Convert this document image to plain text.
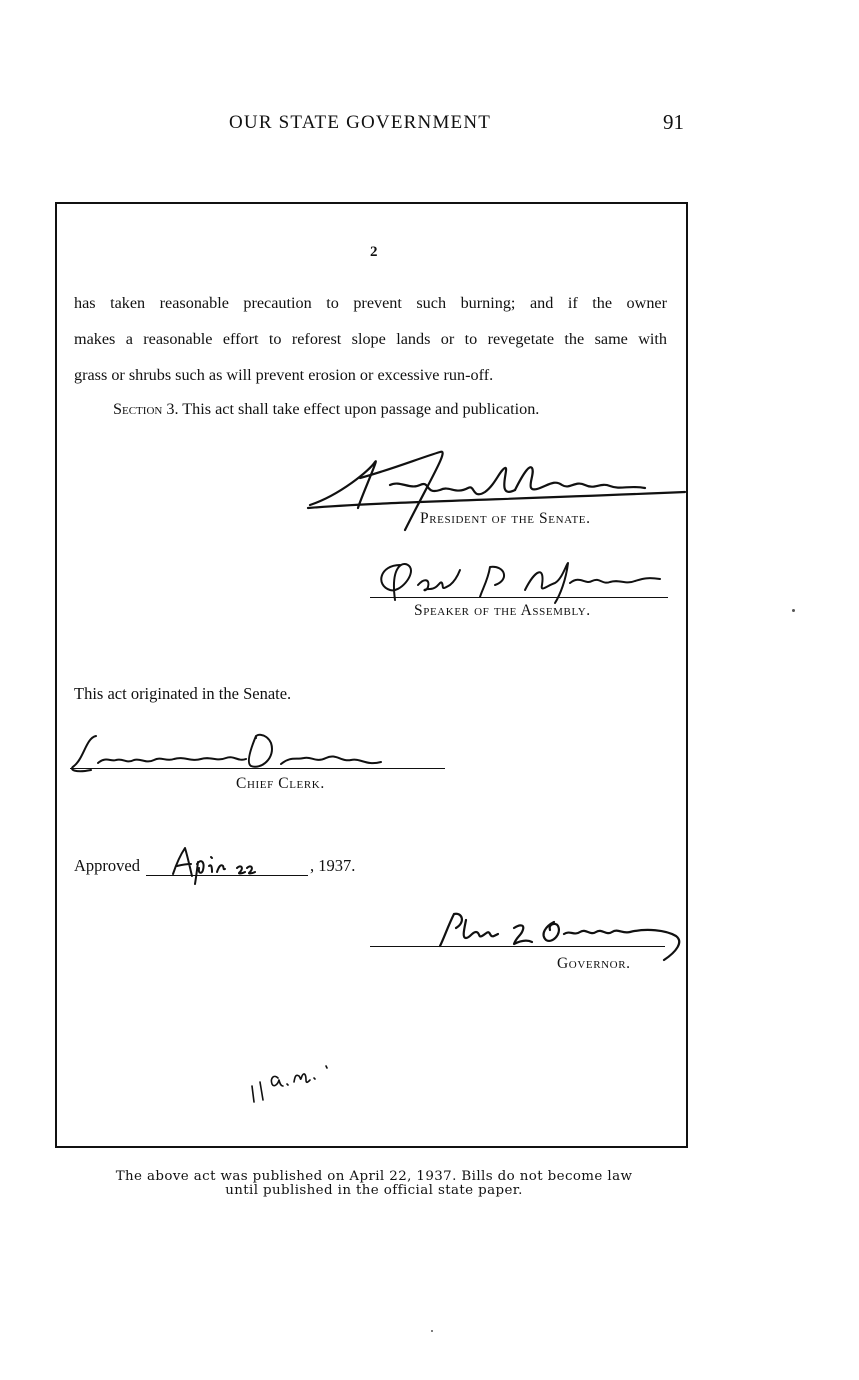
OUR STATE GOVERNMENT	91
2
has taken reasonable precaution to prevent such burning; and if the owner
makes a reasonable effort to reforest slope lands or to revegetate the same with
grass or shrubs such as will prevent erosion or excessive run-off.
Section 3. This act shall take effect upon passage and publication.
President of the Senate.
Speaker of the Assembly.
This act originated in the Senate.
Chief Clerk.
Approved	, 1937.
Governor.
The above act was published on April 22, 1937. Bills do not become law
until published in the official state paper.
